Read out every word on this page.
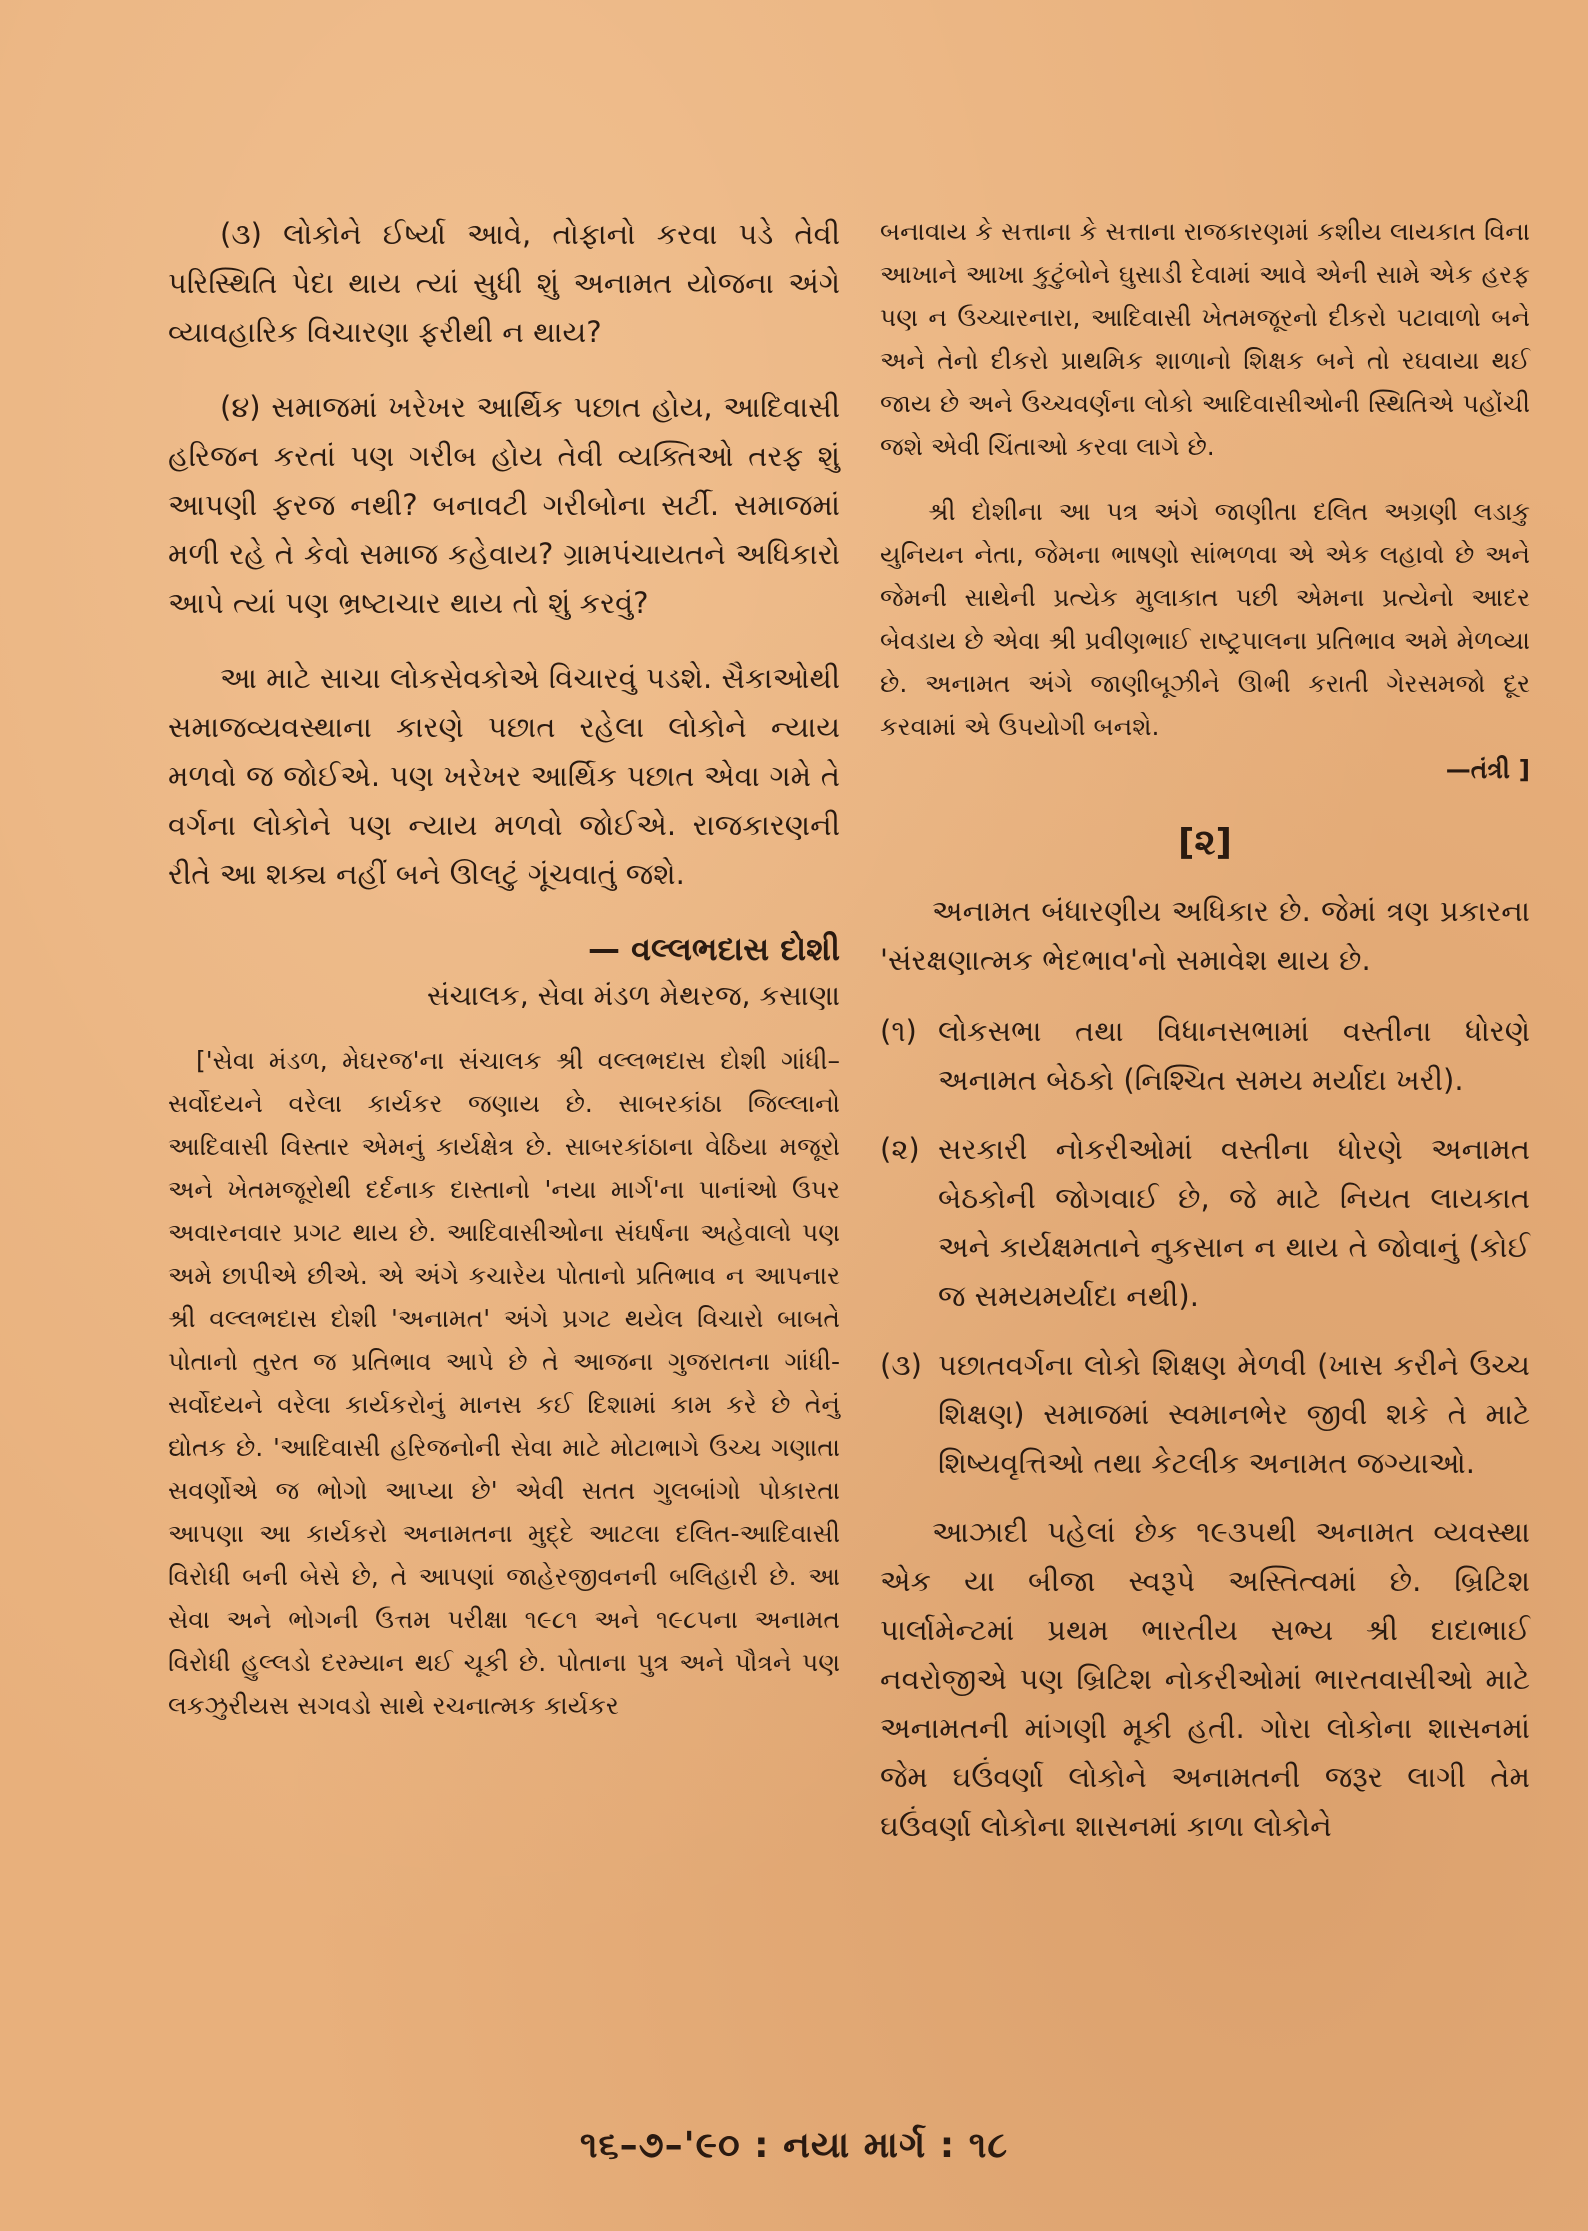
(૩) લોકોને ઈર્ષ્યા આવે, તોફાનો કરવા પડે તેવી પરિસ્થિતિ પેદા થાય ત્યાં સુધી શું અનામત યોજના અંગે વ્યાવહારિક વિચારણા ફરીથી ન થાય?

(૪) સમાજમાં ખરેખર આર્થિક પછાત હોય, આદિવાસી હરિજન કરતાં પણ ગરીબ હોય તેવી વ્યક્તિઓ તરફ શું આપણી ફરજ નથી? બનાવટી ગરીબોના સર્ટી. સમાજમાં મળી રહે તે કેવો સમાજ કહેવાય? ગ્રામપંચાયતને અધિકારો આપે ત્યાં પણ ભ્રષ્ટાચાર થાય તો શું કરવું?

આ માટે સાચા લોકસેવકોએ વિચારવું પડશે. સૈકાઓથી સમાજવ્યવસ્થાના કારણે પછાત રહેલા લોકોને ન્યાય મળવો જ જોઈએ. પણ ખરેખર આર્થિક પછાત એવા ગમે તે વર્ગના લોકોને પણ ન્યાય મળવો જોઈએ. રાજકારણની રીતે આ શક્ય નહીં બને ઊલટું ગૂંચવાતું જશે.

— વલ્લભદાસ દોશી

સંચાલક, સેવા મંડળ મેથરજ, કસાણા

['સેવા મંડળ, મેઘરજ'ના સંચાલક શ્રી વલ્લભદાસ દોશી ગાંધી–સર્વોદયને વરેલા કાર્યકર જણાય છે. સાબરકાંઠા જિલ્લાનો આદિવાસી વિસ્તાર એમનું કાર્યક્ષેત્ર છે. સાબરકાંઠાના વેઠિયા મજૂરો અને ખેતમજૂરોથી દર્દનાક દાસ્તાનો 'નયા માર્ગ'ના પાનાંઓ ઉપર અવારનવાર પ્રગટ થાય છે. આદિવાસીઓના સંઘર્ષના અહેવાલો પણ અમે છાપીએ છીએ. એ અંગે કચારેય પોતાનો પ્રતિભાવ ન આપનાર શ્રી વલ્લભદાસ દોશી 'અનામત' અંગે પ્રગટ થયેલ વિચારો બાબતે પોતાનો તુરત જ પ્રતિભાવ આપે છે તે આજના ગુજરાતના ગાંધી-સર્વોદયને વરેલા કાર્યકરોનું માનસ કઈ દિશામાં કામ કરે છે તેનું દ્યોતક છે. 'આદિવાસી હરિજનોની સેવા માટે મોટાભાગે ઉચ્ચ ગણાતા સવર્ણોએ જ ભોગો આપ્યા છે' એવી સતત ગુલબાંગો પોકારતા આપણા આ કાર્યકરો અનામતના મુદ્દે આટલા દલિત-આદિવાસી વિરોધી બની બેસે છે, તે આપણાં જાહેરજીવનની બલિહારી છે. આ સેવા અને ભોગની ઉત્તમ પરીક્ષા ૧૯૮૧ અને ૧૯૮૫ના અનામત વિરોધી હુલ્લડો દરમ્યાન થઈ ચૂકી છે. પોતાના પુત્ર અને પૌત્રને પણ લકઝુરીયસ સગવડો સાથે રચનાત્મક કાર્યકર

બનાવાય કે સત્તાના કે સત્તાના રાજકારણમાં કશીય લાયકાત વિના આખાને આખા કુટુંબોને ઘુસાડી દેવામાં આવે એની સામે એક હરફ પણ ન ઉચ્ચારનારા, આદિવાસી ખેતમજૂરનો દીકરો પટાવાળો બને અને તેનો દીકરો પ્રાથમિક શાળાનો શિક્ષક બને તો રઘવાયા થઈ જાય છે અને ઉચ્ચવર્ણના લોકો આદિવાસીઓની સ્થિતિએ પહોંચી જશે એવી ચિંતાઓ કરવા લાગે છે.

શ્રી દોશીના આ પત્ર અંગે જાણીતા દલિત અગ્રણી લડાકુ યુનિયન નેતા, જેમના ભાષણો સાંભળવા એ એક લહાવો છે અને જેમની સાથેની પ્રત્યેક મુલાકાત પછી એમના પ્રત્યેનો આદર બેવડાય છે એવા શ્રી પ્રવીણભાઈ રાષ્ટ્રપાલના પ્રતિભાવ અમે મેળવ્યા છે. અનામત અંગે જાણીબૂઝીને ઊભી કરાતી ગેરસમજો દૂર કરવામાં એ ઉપયોગી બનશે.
—તંત્રી ]

[૨]

અનામત બંધારણીય અધિકાર છે. જેમાં ત્રણ પ્રકારના 'સંરક્ષણાત્મક ભેદભાવ'નો સમાવેશ થાય છે.

(૧) લોકસભા તથા વિધાનસભામાં વસ્તીના ધોરણે અનામત બેઠકો (નિશ્ચિત સમય મર્યાદા ખરી).
(૨) સરકારી નોકરીઓમાં વસ્તીના ધોરણે અનામત બેઠકોની જોગવાઈ છે, જે માટે નિયત લાયકાત અને કાર્યક્ષમતાને નુકસાન ન થાય તે જોવાનું (કોઈ જ સમયમર્યાદા નથી).
(૩) પછાતવર્ગના લોકો શિક્ષણ મેળવી (ખાસ કરીને ઉચ્ચ શિક્ષણ) સમાજમાં સ્વમાનભેર જીવી શકે તે માટે શિષ્યવૃત્તિઓ તથા કેટલીક અનામત જગ્યાઓ.

આઝાદી પહેલાં છેક ૧૯૩૫થી અનામત વ્યવસ્થા એક યા બીજા સ્વરૂપે અસ્તિત્વમાં છે. બ્રિટિશ પાર્લામેન્ટમાં પ્રથમ ભારતીય સભ્ય શ્રી દાદાભાઈ નવરોજીએ પણ બ્રિટિશ નોકરીઓમાં ભારતવાસીઓ માટે અનામતની માંગણી મૂકી હતી. ગોરા લોકોના શાસનમાં જેમ ઘઉંવર્ણા લોકોને અનામતની જરૂર લાગી તેમ ઘઉંવર્ણા લોકોના શાસનમાં કાળા લોકોને

૧૬–૭–'૯૦ : નયા માર્ગ : ૧૮
